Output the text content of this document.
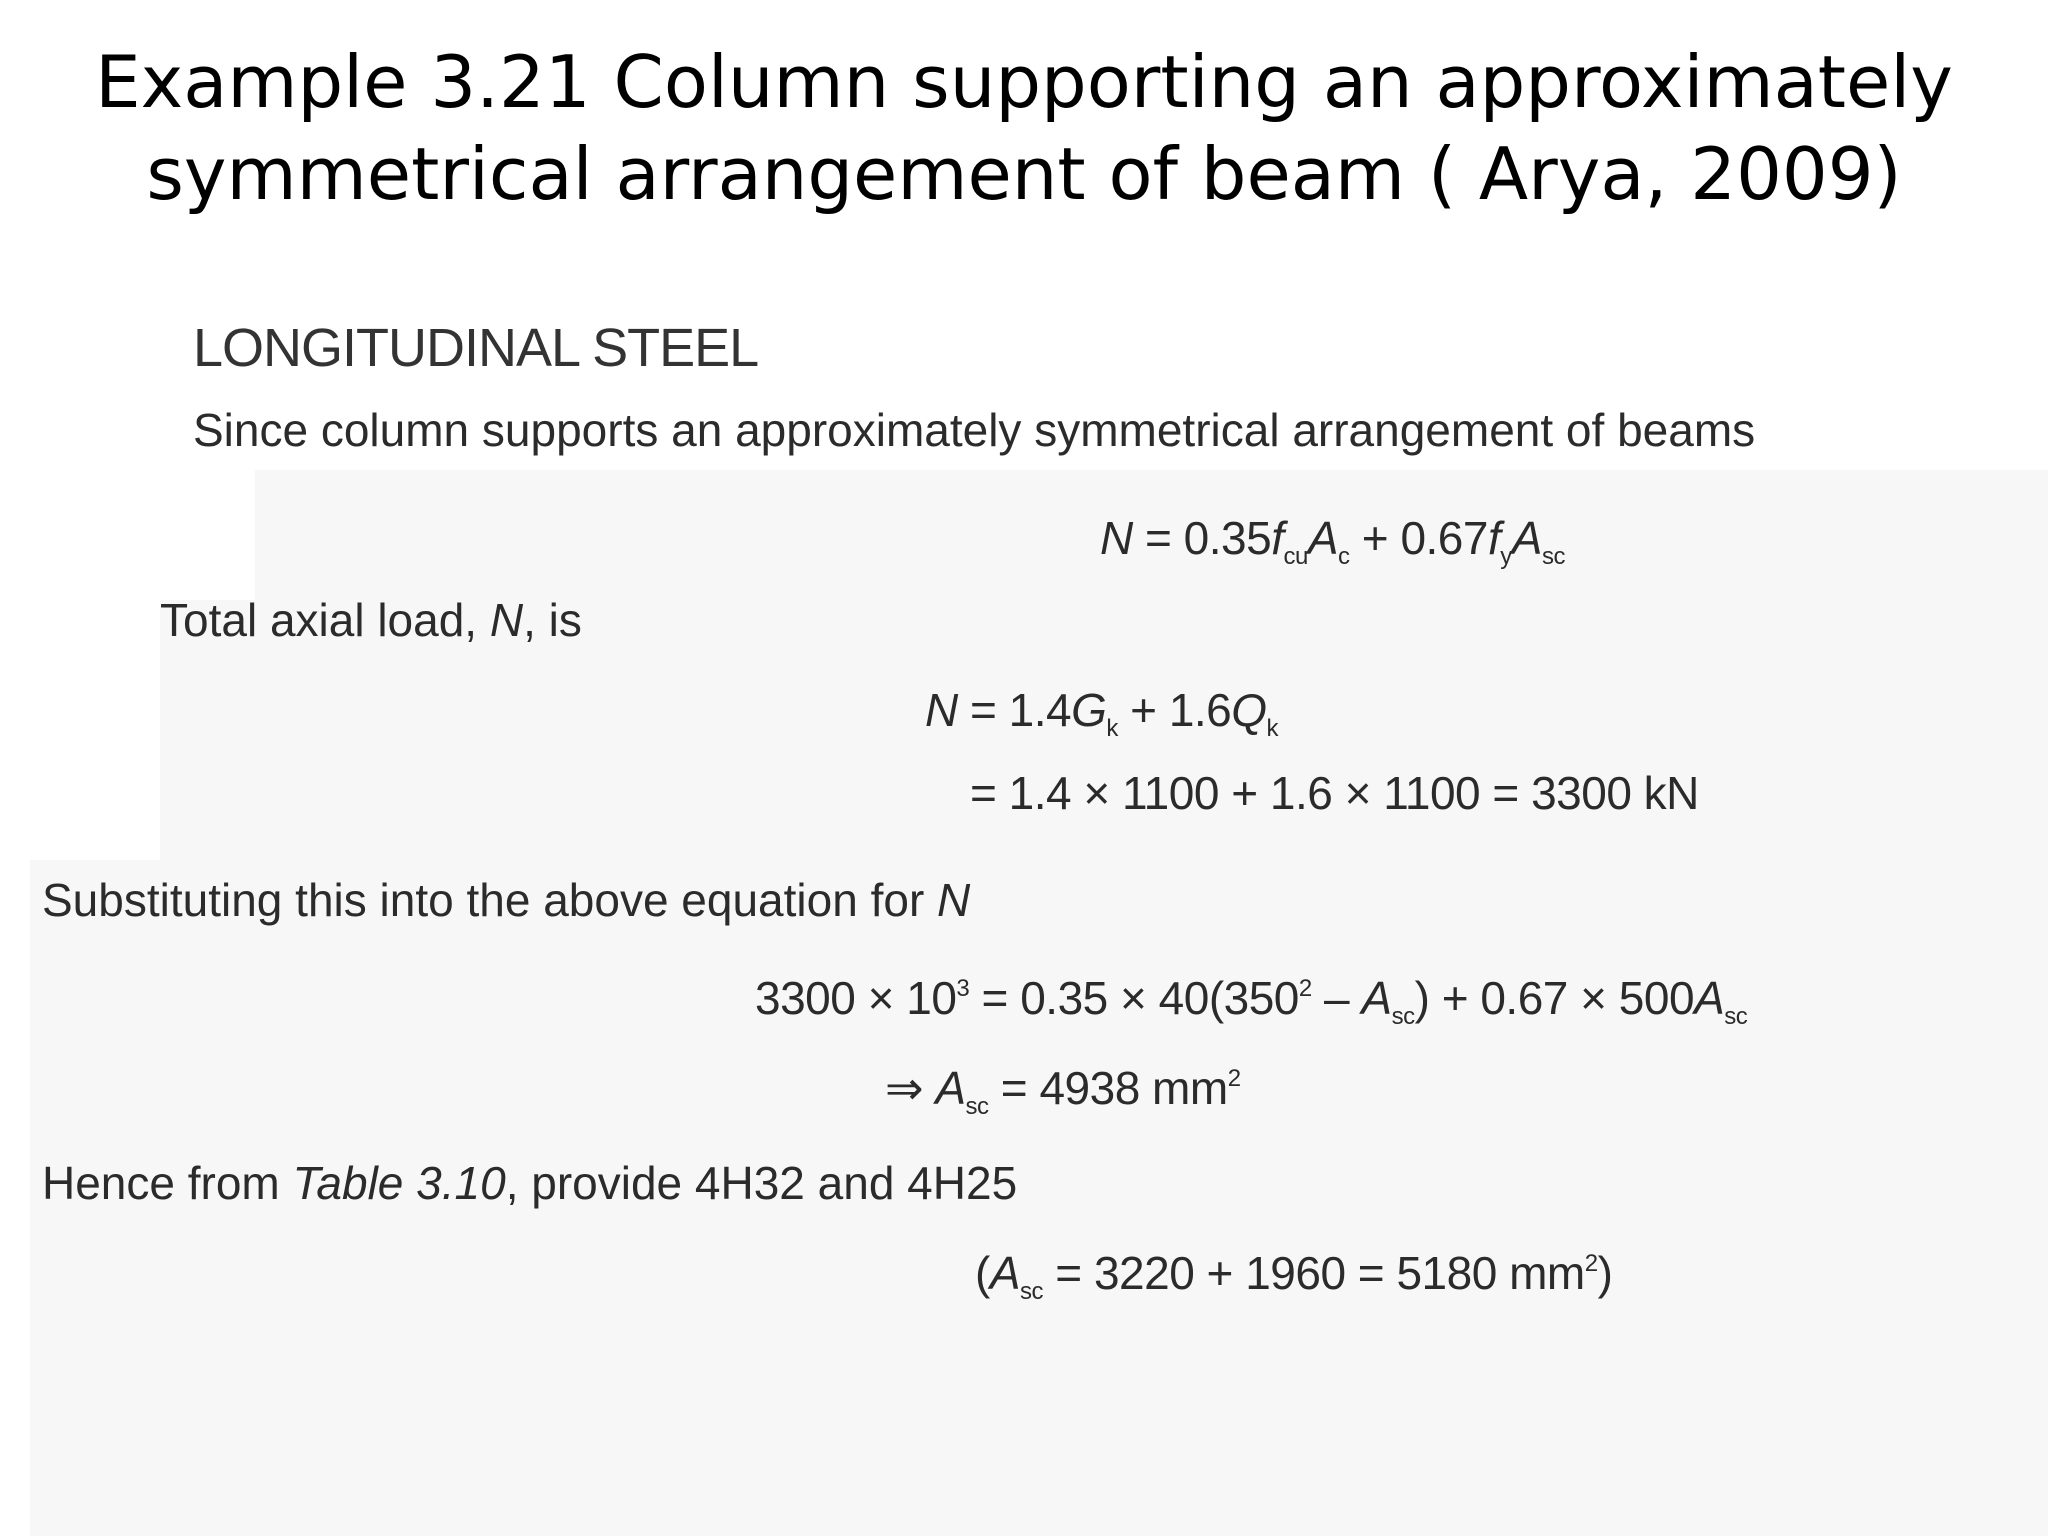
Example 3.21 Column supporting an approximately
symmetrical arrangement of beam ( Arya, 2009)
LONGITUDINAL STEEL
Since column supports an approximately symmetrical arrangement of beams
$N = 0.35f_{cu}A_c + 0.67f_yA_{sc}$
Total axial load, N, is
$N = 1.4G_k + 1.6Q_k$
= 1.4 × 1100 + 1.6 × 1100 = 3300 kN
Substituting this into the above equation for N
$3300 \times 10^3 = 0.35 \times 40(350^2 - A_{sc}) + 0.67 \times 500A_{sc}$
⇒ $A_{sc} = 4938$ $mm^2$
Hence from Table 3.10, provide 4H32 and 4H25
($A_{sc} = 3220 + 1960 = 5180$ $mm^2$)
